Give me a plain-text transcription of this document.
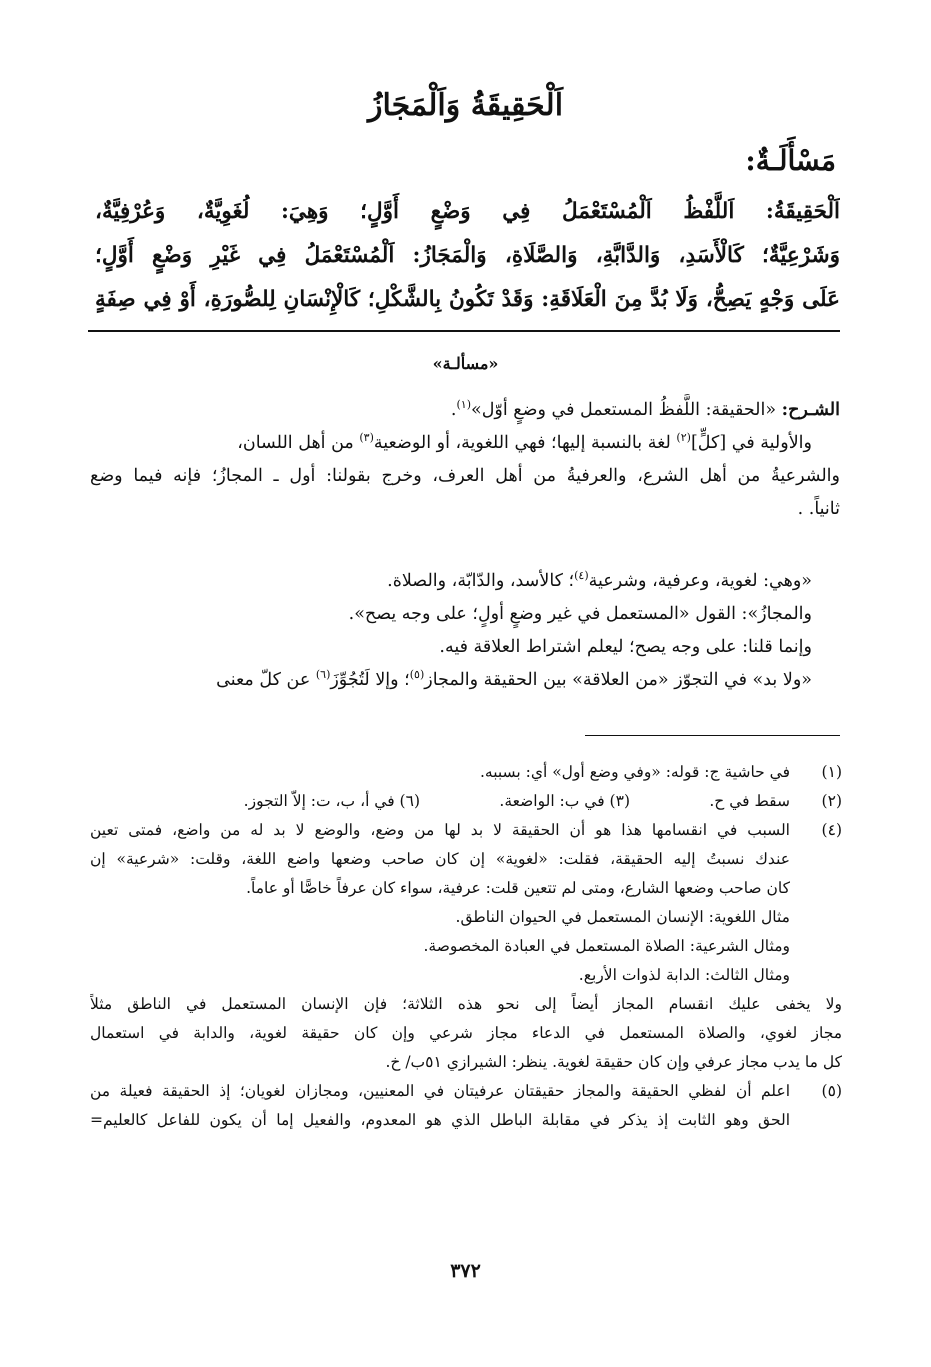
اَلْحَقِيقَةُ وَاَلْمَجَازُ
مَسْأَلَـةٌ:
اَلْحَقِيقَةُ: اَللَّفْظُ اَلْمُسْتَعْمَلُ فِي وَضْعٍ أَوَّلٍ؛ وَهِيَ: لُغَوِيَّةٌ، وَعُرْفِيَّةٌ،
وَشَرْعِيَّةٌ؛ كَالْأَسَدِ، وَالدَّابَّةِ، وَالصَّلَاةِ، وَالْمَجَازُ: اَلْمُسْتَعْمَلُ فِي غَيْرِ وَضْعٍ أَوَّلٍ؛
عَلَى وَجْهٍ يَصِحُّ، وَلَا بُدَّ مِنَ الْعَلَاقَةِ: وَقَدْ تَكُونُ بِالشَّكْلِ؛ كَالْإِنْسَانِ لِلصُّورَةِ، أَوْ فِي صِفَةٍ
«مسألـة»
الشـرح: «الحقيقة: اللَّفظُ المستعمل في وضعٍ أوّل»$^{(١)}$.
والأولية في [كلٍّ]$^{(٢)}$ لغة بالنسبة إليها؛ فهي اللغوية، أو الوضعية$^{(٣)}$ من أهل اللسان،
والشرعيةُ من أهل الشرع، والعرفيةُ من أهل العرف، وخرج بقولنا: أول ـ المجازُ؛ فإنه فيما وضع
ثانياً. .
«وهي: لغوية، وعرفية، وشرعية$^{(٤)}$؛ كالأسد، والدّابّة، والصلاة.
والمجازُ»: القول «المستعمل في غير وضعٍ أولٍ؛ على وجه يصح».
وإنما قلنا: على وجه يصح؛ ليعلم اشتراط العلاقة فيه.
«ولا بد» في التجوّز «من العلاقة» بين الحقيقة والمجاز$^{(٥)}$؛ وإلا لَتُجُوِّزَ$^{(٦)}$ عن كلّ معنى
(١)
في حاشية ج: قوله: «وفي وضع أول» أي: بسببه.
(٢)
سقط في ح.
(٣) في ب: الواضعة.
(٦) في أ، ب، ت: إلاّ التجوز.
(٤)
السبب في انقسامها هذا هو أن الحقيقة لا بد لها من وضع، والوضع لا بد له من واضع، فمتى تعين
عندك نسبتُ إليه الحقيقة، فقلت: «لغوية» إن كان صاحب وضعها واضع اللغة، وقلت: «شرعية» إن
كان صاحب وضعها الشارع، ومتى لم تتعين قلت: عرفية، سواء كان عرفاً خاصًّا أو عاماً.
مثال اللغوية: الإنسان المستعمل في الحيوان الناطق.
ومثال الشرعية: الصلاة المستعمل في العبادة المخصوصة.
ومثال الثالث: الدابة لذوات الأربع.
ولا يخفى عليك انقسام المجاز أيضاً إلى نحو هذه الثلاثة؛ فإن الإنسان المستعمل في الناطق مثلاً
مجاز لغوي، والصلاة المستعمل في الدعاء مجاز شرعي وإن كان حقيقة لغوية، والدابة في استعمال
كل ما يدب مجاز عرفي وإن كان حقيقة لغوية. ينظر: الشيرازي ٥١ب/ خ.
(٥)
اعلم أن لفظي الحقيقة والمجاز حقيقتان عرفيتان في المعنيين، ومجازان لغويان؛ إذ الحقيقة فعيلة من
الحق وهو الثابت إذ يذكر في مقابلة الباطل الذي هو المعدوم، والفعيل إما أن يكون للفاعل كالعليم=
٣٧٢
